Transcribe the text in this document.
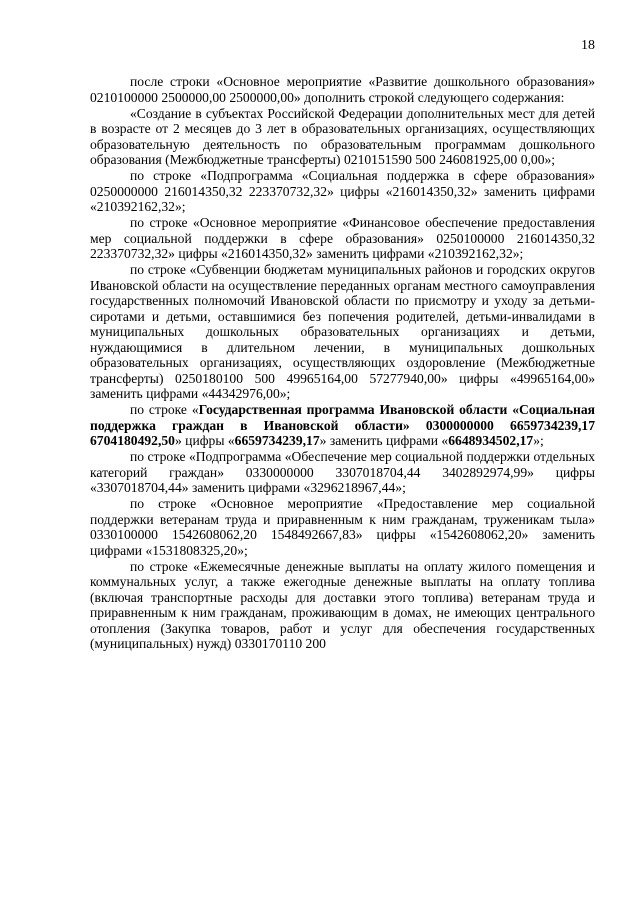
18

после строки «Основное мероприятие «Развитие дошкольного образования» 0210100000 2500000,00 2500000,00» дополнить строкой следующего содержания:

«Создание в субъектах Российской Федерации дополнительных мест для детей в возрасте от 2 месяцев до 3 лет в образовательных организациях, осуществляющих образовательную деятельность по образовательным программам дошкольного образования (Межбюджетные трансферты) 0210151590 500 246081925,00 0,00»;

по строке «Подпрограмма «Социальная поддержка в сфере образования» 0250000000 216014350,32 223370732,32» цифры «216014350,32» заменить цифрами «210392162,32»;

по строке «Основное мероприятие «Финансовое обеспечение предоставления мер социальной поддержки в сфере образования» 0250100000 216014350,32 223370732,32» цифры «216014350,32» заменить цифрами «210392162,32»;

по строке «Субвенции бюджетам муниципальных районов и городских округов Ивановской области на осуществление переданных органам местного самоуправления государственных полномочий Ивановской области по присмотру и уходу за детьми-сиротами и детьми, оставшимися без попечения родителей, детьми-инвалидами в муниципальных дошкольных образовательных организациях и детьми, нуждающимися в длительном лечении, в муниципальных дошкольных образовательных организациях, осуществляющих оздоровление (Межбюджетные трансферты) 0250180100 500 49965164,00 57277940,00» цифры «49965164,00» заменить цифрами «44342976,00»;

по строке «Государственная программа Ивановской области «Социальная поддержка граждан в Ивановской области» 0300000000 6659734239,17 6704180492,50» цифры «6659734239,17» заменить цифрами «6648934502,17»;

по строке «Подпрограмма «Обеспечение мер социальной поддержки отдельных категорий граждан» 0330000000 3307018704,44 3402892974,99» цифры «3307018704,44» заменить цифрами «3296218967,44»;

по строке «Основное мероприятие «Предоставление мер социальной поддержки ветеранам труда и приравненным к ним гражданам, труженикам тыла» 0330100000 1542608062,20 1548492667,83» цифры «1542608062,20» заменить цифрами «1531808325,20»;

по строке «Ежемесячные денежные выплаты на оплату жилого помещения и коммунальных услуг, а также ежегодные денежные выплаты на оплату топлива (включая транспортные расходы для доставки этого топлива) ветеранам труда и приравненным к ним гражданам, проживающим в домах, не имеющих центрального отопления (Закупка товаров, работ и услуг для обеспечения государственных (муниципальных) нужд) 0330170110 200
